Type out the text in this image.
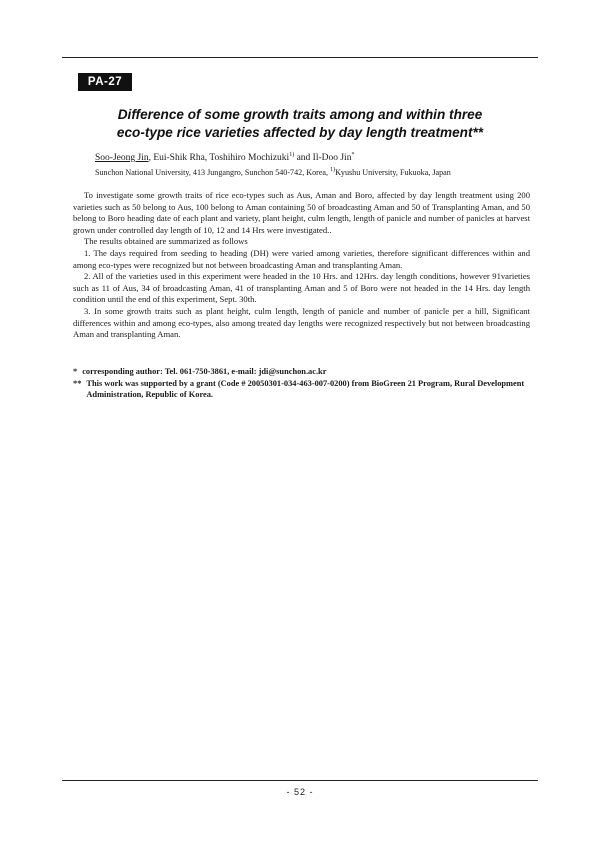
PA-27
Difference of some growth traits among and within three
eco-type rice varieties affected by day length treatment**
Soo-Jeong Jin, Eui-Shik Rha, Toshihiro Mochizuki$^{1)}$ and Il-Doo Jin*
Sunchon National University, 413 Jungangro, Sunchon 540-742, Korea, $^{1)}$Kyushu University, Fukuoka, Japan

To investigate some growth traits of rice eco-types such as Aus, Aman and Boro, affected by day length treatment using 200 varieties such as 50 belong to Aus, 100 belong to Aman containing 50 of broadcasting Aman and 50 of Transplanting Aman, and 50 belong to Boro heading date of each plant and variety, plant height, culm length, length of panicle and number of panicles at harvest grown under controlled day length of 10, 12 and 14 Hrs were investigated..

The results obtained are summarized as follows

1. The days required from seeding to heading (DH) were varied among varieties, therefore significant differences within and among eco-types were recognized but not between broadcasting Aman and transplanting Aman.

2. All of the varieties used in this experiment were headed in the 10 Hrs. and 12Hrs. day length conditions, however 91varieties such as 11 of Aus, 34 of broadcasting Aman, 41 of transplanting Aman and 5 of Boro were not headed in the 14 Hrs. day length condition until the end of this experiment, Sept. 30th.

3. In some growth traits such as plant height, culm length, length of panicle and number of panicle per a hill, Significant differences within and among eco-types, also among treated day lengths were recognized respectively but not between broadcasting Aman and transplanting Aman.

* corresponding author: Tel. 061-750-3861, e-mail: jdi@sunchon.ac.kr
** This work was supported by a grant (Code # 20050301-034-463-007-0200) from BioGreen 21 Program, Rural Development Administration, Republic of Korea.
- 52 -
